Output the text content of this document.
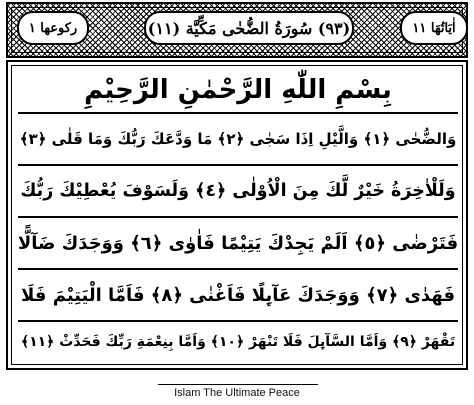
ركوعها ١	(٩٣) سُورَةُ الضُّحٰى مَكِّيَّة (١١)	اٰيَاتُهَا ١١
بِسْمِ اللّٰهِ الرَّحْمٰنِ الرَّحِيْمِ
وَالضُّحٰى ﴿١﴾ وَالَّيْلِ اِذَا سَجٰى ﴿٢﴾ مَا وَدَّعَكَ رَبُّكَ وَمَا قَلٰى ﴿٣﴾
وَلَلْاٰخِرَةُ خَيْرٌ لَّكَ مِنَ الْاُوْلٰى ﴿٤﴾ وَلَسَوْفَ يُعْطِيْكَ رَبُّكَ
فَتَرْضٰى ﴿٥﴾ اَلَمْ يَجِدْكَ يَتِيْمًا فَاٰوٰى ﴿٦﴾ وَوَجَدَكَ ضَآلًّا
فَهَدٰى ﴿٧﴾ وَوَجَدَكَ عَآىِٕلًا فَاَغْنٰى ﴿٨﴾ فَاَمَّا الْيَتِيْمَ فَلَا
تَقْهَرْ ﴿٩﴾ وَاَمَّا السَّآىِٕلَ فَلَا تَنْهَرْ ﴿١٠﴾ وَاَمَّا بِنِعْمَةِ رَبِّكَ فَحَدِّثْ ﴿١١﴾
Islam The Ultimate Peace
